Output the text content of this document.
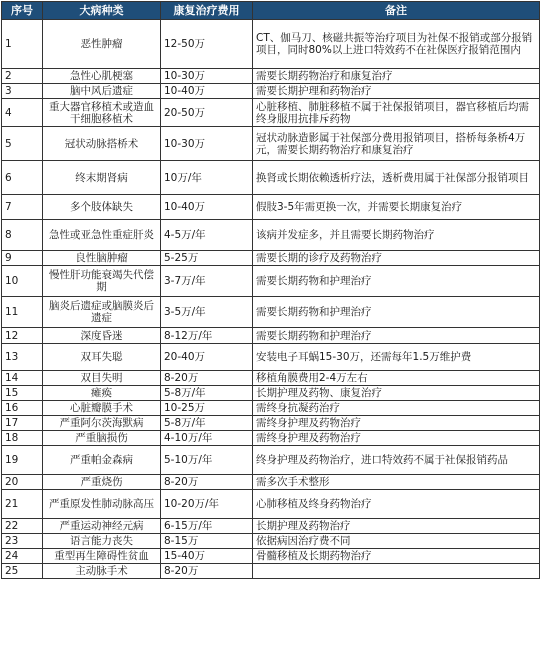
序号	大病种类	康复治疗费用	备注
1	恶性肿瘤	12-50万	CT、伽马刀、核磁共振等治疗项目为社保不报销或部分报销项目，同时80%以上进口特效药不在社保医疗报销范围内
2	急性心肌梗塞	10-30万	需要长期药物治疗和康复治疗
3	脑中风后遗症	10-40万	需要长期护理和药物治疗
4	重大器官移植术或造血干细胞移植术	20-50万	心脏移植、肺脏移植不属于社保报销项目，器官移植后均需终身服用抗排斥药物
5	冠状动脉搭桥术	10-30万	冠状动脉造影属于社保部分费用报销项目，搭桥每条桥4万元，需要长期药物治疗和康复治疗
6	终末期肾病	10万/年	换肾或长期依赖透析疗法，透析费用属于社保部分报销项目
7	多个肢体缺失	10-40万	假肢3-5年需更换一次，并需要长期康复治疗
8	急性或亚急性重症肝炎	4-5万/年	该病并发症多，并且需要长期药物治疗
9	良性脑肿瘤	5-25万	需要长期的诊疗及药物治疗
10	慢性肝功能衰竭失代偿期	3-7万/年	需要长期药物和护理治疗
11	脑炎后遗症或脑膜炎后遗症	3-5万/年	需要长期药物和护理治疗
12	深度昏迷	8-12万/年	需要长期药物和护理治疗
13	双耳失聪	20-40万	安装电子耳蜗15-30万，还需每年1.5万维护费
14	双目失明	8-20万	移植角膜费用2-4万左右
15	瘫痪	5-8万/年	长期护理及药物、康复治疗
16	心脏瓣膜手术	10-25万	需终身抗凝药治疗
17	严重阿尔茨海默病	5-8万/年	需终身护理及药物治疗
18	严重脑损伤	4-10万/年	需终身护理及药物治疗
19	严重帕金森病	5-10万/年	终身护理及药物治疗，进口特效药不属于社保报销药品
20	严重烧伤	8-20万	需多次手术整形
21	严重原发性肺动脉高压	10-20万/年	心肺移植及终身药物治疗
22	严重运动神经元病	6-15万/年	长期护理及药物治疗
23	语言能力丧失	8-15万	依据病因治疗费不同
24	重型再生障碍性贫血	15-40万	骨髓移植及长期药物治疗
25	主动脉手术	8-20万	
